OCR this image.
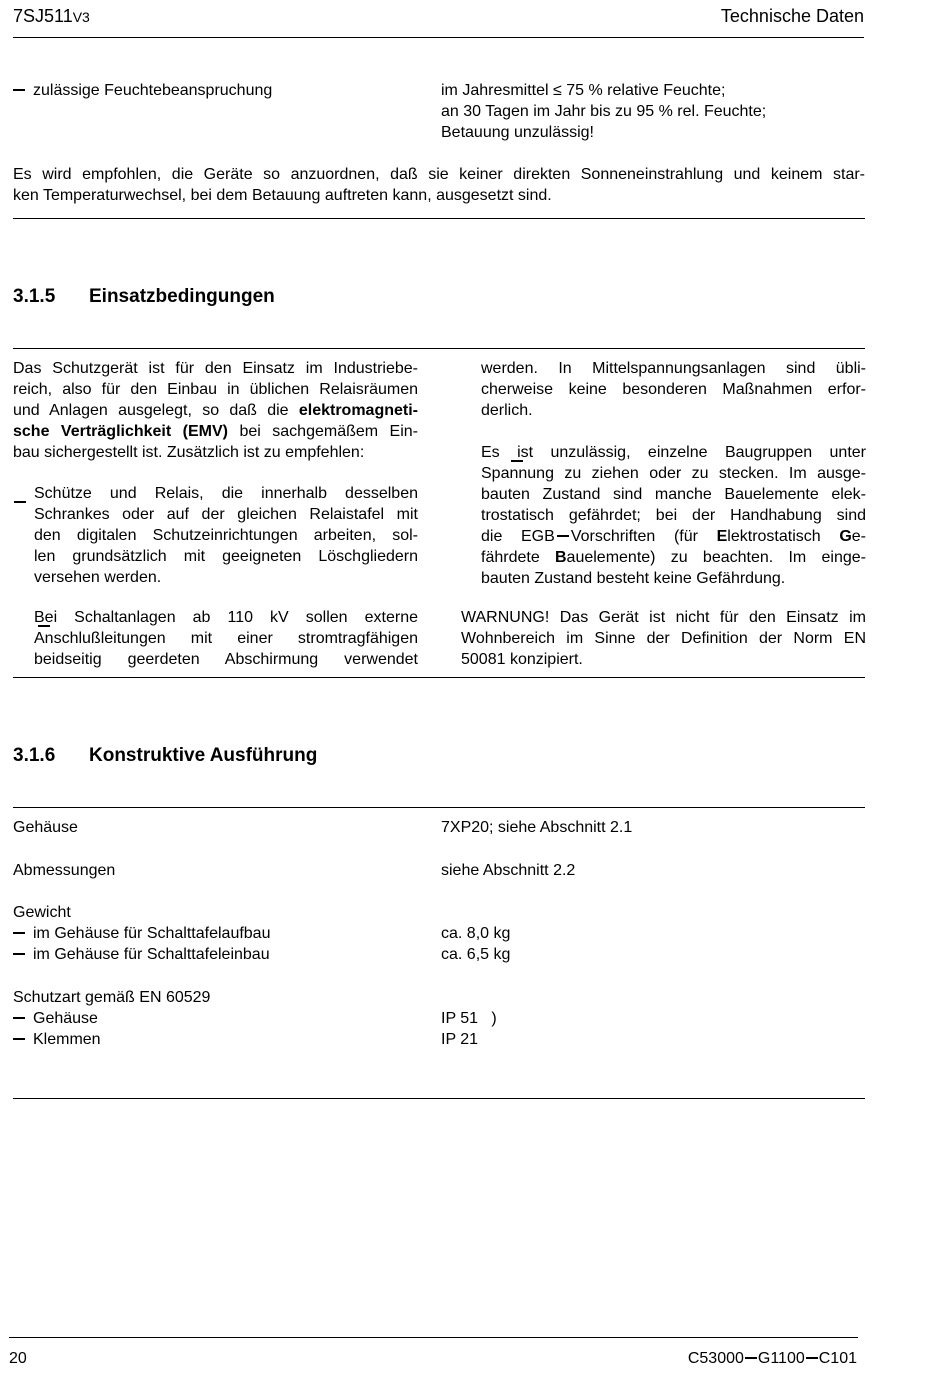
7SJ511V3	Technische Daten
zulässige Feuchtebeanspruchung	im Jahresmittel ≤ 75 % relative Feuchte;
an 30 Tagen im Jahr bis zu 95 % rel. Feuchte;
Betauung unzulässig!
Es wird empfohlen, die Geräte so anzuordnen, daß sie keiner direkten Sonneneinstrahlung und keinem star-
ken Temperaturwechsel, bei dem Betauung auftreten kann, ausgesetzt sind.
3.1.5 Einsatzbedingungen
Das Schutzgerät ist für den Einsatz im Industriebe-
reich, also für den Einbau in üblichen Relaisräumen
und Anlagen ausgelegt, so daß die elektromagneti-
sche Verträglichkeit (EMV) bei sachgemäßem Ein-
bau sichergestellt ist. Zusätzlich ist zu empfehlen:

Schütze und Relais, die innerhalb desselben
Schrankes oder auf der gleichen Relaistafel mit
den digitalen Schutzeinrichtungen arbeiten, sol-
len grundsätzlich mit geeigneten Löschgliedern
versehen werden.

Bei Schaltanlagen ab 110 kV sollen externe
Anschlußleitungen mit einer stromtragfähigen
beidseitig geerdeten Abschirmung verwendet
werden. In Mittelspannungsanlagen sind übli-
cherweise keine besonderen Maßnahmen erfor-
derlich.
Es ist unzulässig, einzelne Baugruppen unter
Spannung zu ziehen oder zu stecken. Im ausge-
bauten Zustand sind manche Bauelemente elek-
trostatisch gefährdet; bei der Handhabung sind
die EGB Vorschriften (für Elektrostatisch Ge-
fährdete Bauelemente) zu beachten. Im einge-
bauten Zustand besteht keine Gefährdung.
WARNUNG! Das Gerät ist nicht für den Einsatz im
Wohnbereich im Sinne der Definition der Norm EN
50081 konzipiert.
3.1.6 Konstruktive Ausführung
Gehäuse	7XP20; siehe Abschnitt 2.1
Abmessungen	siehe Abschnitt 2.2
Gewicht
im Gehäuse für Schalttafelaufbau	ca. 8,0 kg
im Gehäuse für Schalttafeleinbau	ca. 6,5 kg
Schutzart gemäß EN 60529
Gehäuse	IP 51   )
Klemmen	IP 21
20	C53000 G1100 C101
